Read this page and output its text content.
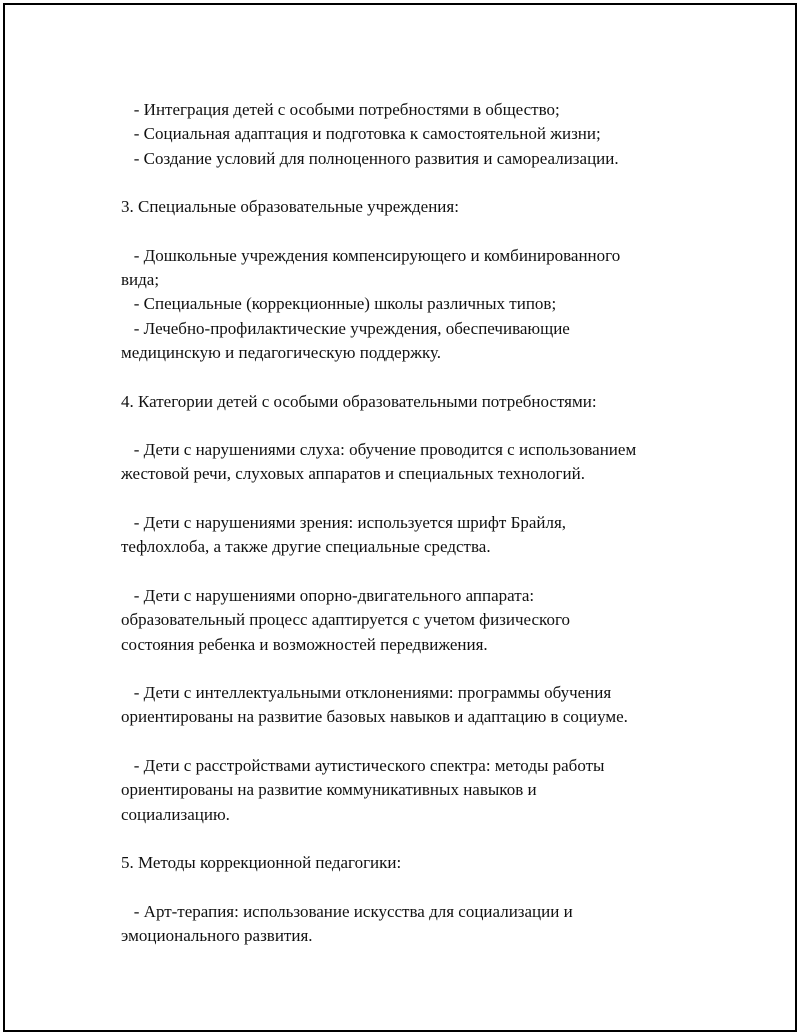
- Интеграция детей с особыми потребностями в общество;
- Социальная адаптация и подготовка к самостоятельной жизни;
- Создание условий для полноценного развития и самореализации.
3. Специальные образовательные учреждения:
- Дошкольные учреждения компенсирующего и комбинированного
вида;
- Специальные (коррекционные) школы различных типов;
- Лечебно-профилактические учреждения, обеспечивающие
медицинскую и педагогическую поддержку.
4. Категории детей с особыми образовательными потребностями:
- Дети с нарушениями слуха: обучение проводится с использованием
жестовой речи, слуховых аппаратов и специальных технологий.
- Дети с нарушениями зрения: используется шрифт Брайля,
тефлохлоба, а также другие специальные средства.
- Дети с нарушениями опорно-двигательного аппарата:
образовательный процесс адаптируется с учетом физического
состояния ребенка и возможностей передвижения.
- Дети с интеллектуальными отклонениями: программы обучения
ориентированы на развитие базовых навыков и адаптацию в социуме.
- Дети с расстройствами аутистического спектра: методы работы
ориентированы на развитие коммуникативных навыков и
социализацию.
5. Методы коррекционной педагогики:
- Арт-терапия: использование искусства для социализации и
эмоционального развития.
